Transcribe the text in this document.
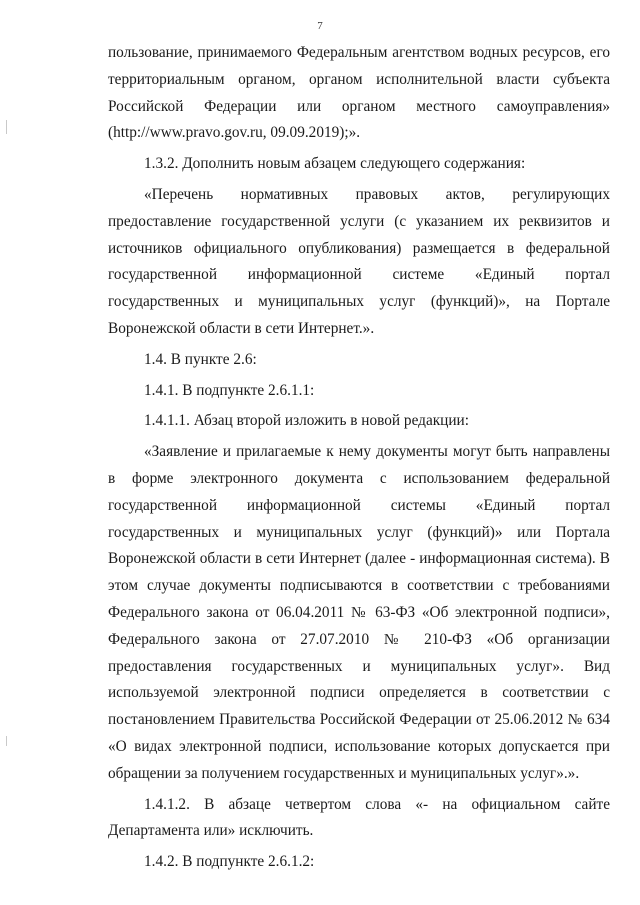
7

пользование, принимаемого Федеральным агентством водных ресурсов, его территориальным органом, органом исполнительной власти субъекта Российской Федерации или органом местного самоуправления» (http://www.pravo.gov.ru, 09.09.2019);».

1.3.2. Дополнить новым абзацем следующего содержания:

«Перечень нормативных правовых актов, регулирующих предоставление государственной услуги (с указанием их реквизитов и источников официального опубликования) размещается в федеральной государственной информационной системе «Единый портал государственных и муниципальных услуг (функций)», на Портале Воронежской области в сети Интернет.».

1.4. В пункте 2.6:

1.4.1. В подпункте 2.6.1.1:

1.4.1.1. Абзац второй изложить в новой редакции:

«Заявление и прилагаемые к нему документы могут быть направлены в форме электронного документа с использованием федеральной государственной информационной системы «Единый портал государственных и муниципальных услуг (функций)» или Портала Воронежской области в сети Интернет (далее - информационная система). В этом случае документы подписываются в соответствии с требованиями Федерального закона от 06.04.2011 № 63-ФЗ «Об электронной подписи», Федерального закона от 27.07.2010 № 210-ФЗ «Об организации предоставления государственных и муниципальных услуг». Вид используемой электронной подписи определяется в соответствии с постановлением Правительства Российской Федерации от 25.06.2012 № 634 «О видах электронной подписи, использование которых допускается при обращении за получением государственных и муниципальных услуг».».

1.4.1.2. В абзаце четвертом слова «- на официальном сайте Департамента или» исключить.

1.4.2. В подпункте 2.6.1.2:
